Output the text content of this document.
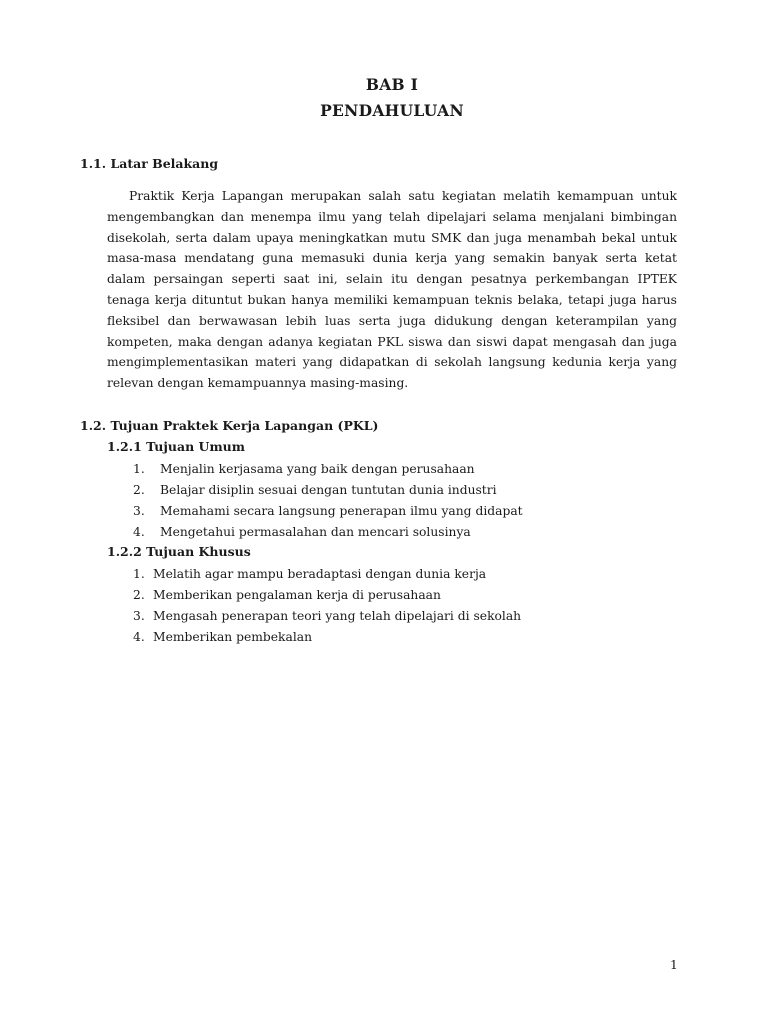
BAB I
PENDAHULUAN
1.1. Latar Belakang

Praktik Kerja Lapangan merupakan salah satu kegiatan melatih kemampuan untuk mengembangkan dan menempa ilmu yang telah dipelajari selama menjalani bimbingan disekolah, serta dalam upaya meningkatkan mutu SMK dan juga menambah bekal untuk masa-masa mendatang guna memasuki dunia kerja yang semakin banyak serta ketat dalam persaingan seperti saat ini, selain itu dengan pesatnya perkembangan IPTEK tenaga kerja dituntut bukan hanya memiliki kemampuan teknis belaka, tetapi juga harus fleksibel dan berwawasan lebih luas serta juga didukung dengan keterampilan yang kompeten, maka dengan adanya kegiatan PKL siswa dan siswi dapat mengasah dan juga mengimplementasikan materi yang didapatkan di sekolah langsung kedunia kerja yang relevan dengan kemampuannya masing-masing.

1.2. Tujuan Praktek Kerja Lapangan (PKL)
1.2.1 Tujuan Umum
1. Menjalin kerjasama yang baik dengan perusahaan
2. Belajar disiplin sesuai dengan tuntutan dunia industri
3. Memahami secara langsung penerapan ilmu yang didapat
4. Mengetahui permasalahan dan mencari solusinya
1.2.2 Tujuan Khusus
1. Melatih agar mampu beradaptasi dengan dunia kerja
2. Memberikan pengalaman kerja di perusahaan
3. Mengasah penerapan teori yang telah dipelajari di sekolah
4. Memberikan pembekalan
1
